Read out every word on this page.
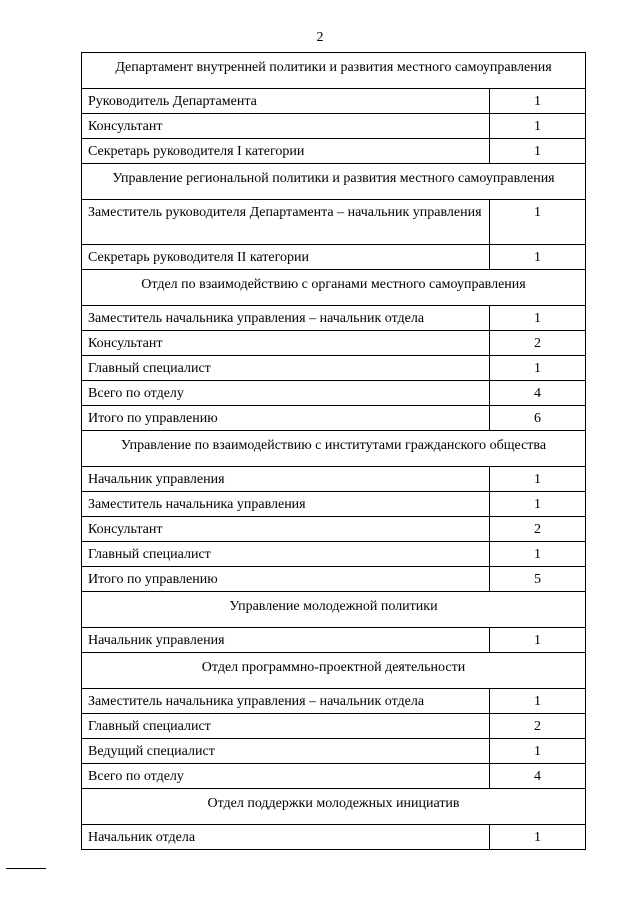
2
Департамент внутренней политики и развития местного самоуправления	
Руководитель Департамента	1
Консультант	1
Секретарь руководителя I категории	1
Управление региональной политики и развития местного самоуправления	
Заместитель руководителя Департамента – начальник управления	1
Секретарь руководителя II категории	1
Отдел по взаимодействию с органами местного самоуправления	
Заместитель начальника управления – начальник отдела	1
Консультант	2
Главный специалист	1
Всего по отделу	4
Итого по управлению	6
Управление по взаимодействию с институтами гражданского общества	
Начальник управления	1
Заместитель начальника управления	1
Консультант	2
Главный специалист	1
Итого по управлению	5
Управление молодежной политики	
Начальник управления	1
Отдел программно-проектной деятельности	
Заместитель начальника управления – начальник отдела	1
Главный специалист	2
Ведущий специалист	1
Всего по отделу	4
Отдел поддержки молодежных инициатив	
Начальник отдела	1
